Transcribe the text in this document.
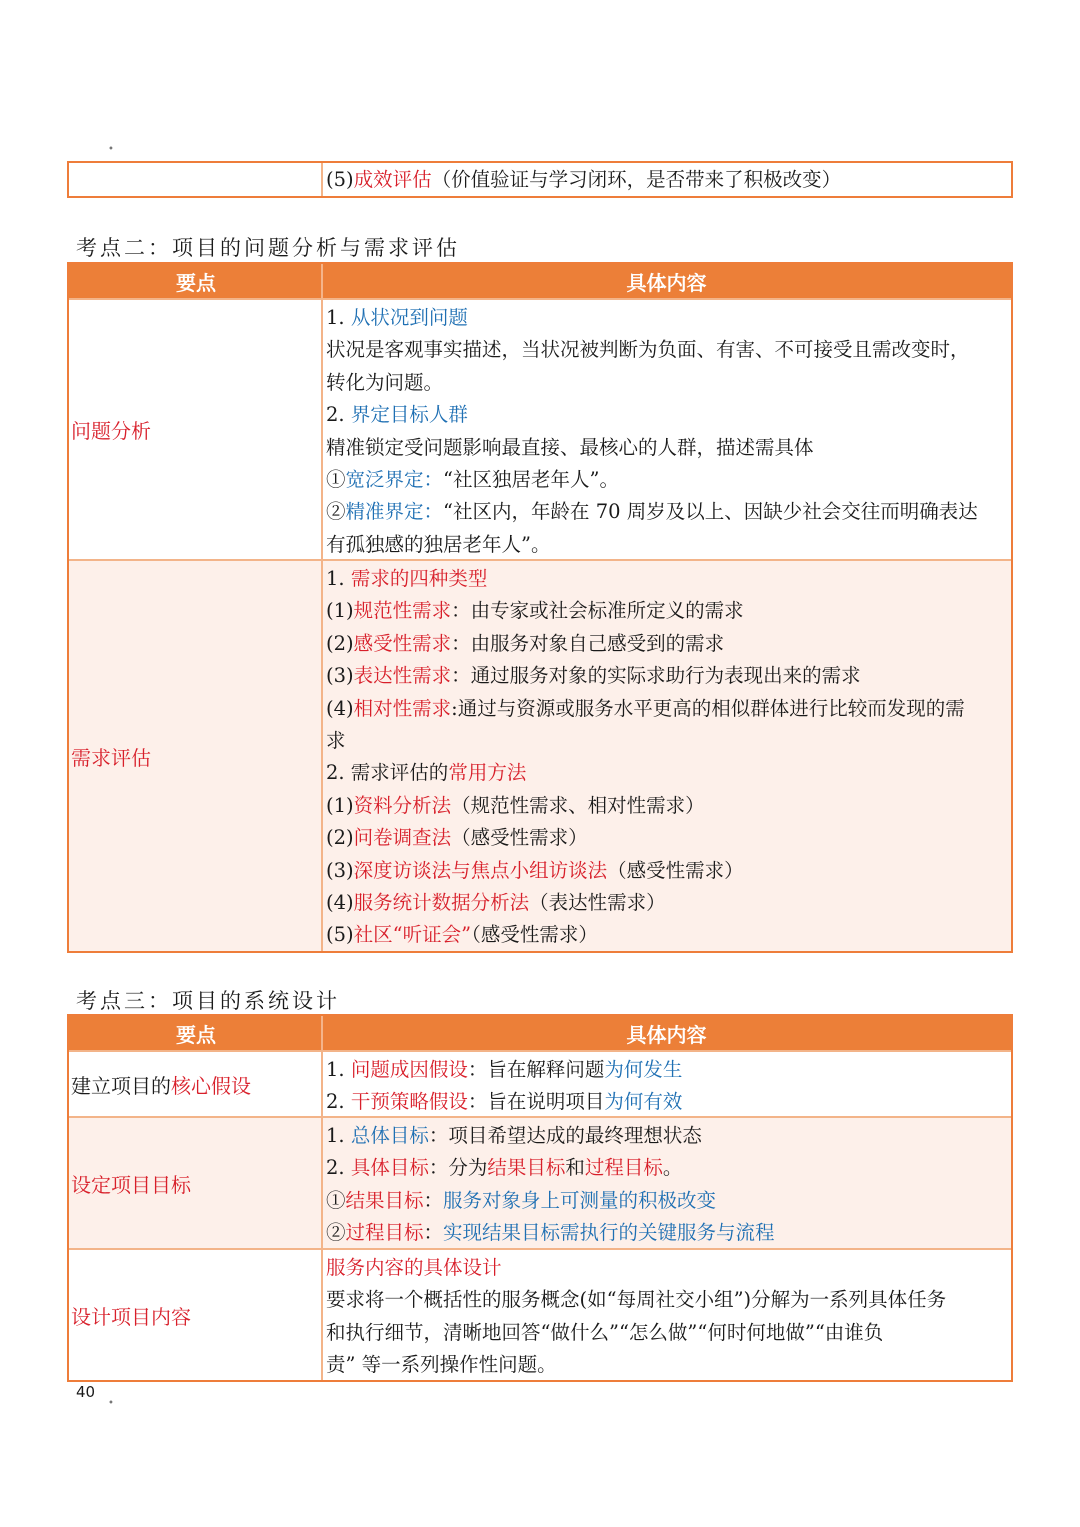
•
(5)成效评估（价值验证与学习闭环，是否带来了积极改变）
考点二：项目的问题分析与需求评估
要点	具体内容
问题分析
1. 从状况到问题
状况是客观事实描述，当状况被判断为负面、有害、不可接受且需改变时，
转化为问题。
2. 界定目标人群
精准锁定受问题影响最直接、最核心的人群，描述需具体
①宽泛界定：“社区独居老年人”。
②精准界定：“社区内，年龄在 70 周岁及以上、因缺少社会交往而明确表达
有孤独感的独居老年人”。
需求评估
1. 需求的四种类型
(1)规范性需求：由专家或社会标准所定义的需求
(2)感受性需求：由服务对象自己感受到的需求
(3)表达性需求：通过服务对象的实际求助行为表现出来的需求
(4)相对性需求:通过与资源或服务水平更高的相似群体进行比较而发现的需
求
2. 需求评估的常用方法
(1)资料分析法（规范性需求、相对性需求）
(2)问卷调查法（感受性需求）
(3)深度访谈法与焦点小组访谈法（感受性需求）
(4)服务统计数据分析法（表达性需求）
(5)社区“听证会”（感受性需求）
考点三：项目的系统设计
要点	具体内容
建立项目的 核心假设
1. 问题成因假设：旨在解释问题为何发生
2. 干预策略假设：旨在说明项目为何有效
设定项目目标
1. 总体目标：项目希望达成的最终理想状态
2. 具体目标：分为结果目标和过程目标。
①结果目标：服务对象身上可测量的积极改变
②过程目标：实现结果目标需执行的关键服务与流程
设计项目内容
服务内容的具体设计
要求将一个概括性的服务概念(如“每周社交小组”)分解为一系列具体任务
和执行细节，清晰地回答“做什么”“怎么做”“何时何地做”“由谁负
责” 等一系列操作性问题。
40
•
